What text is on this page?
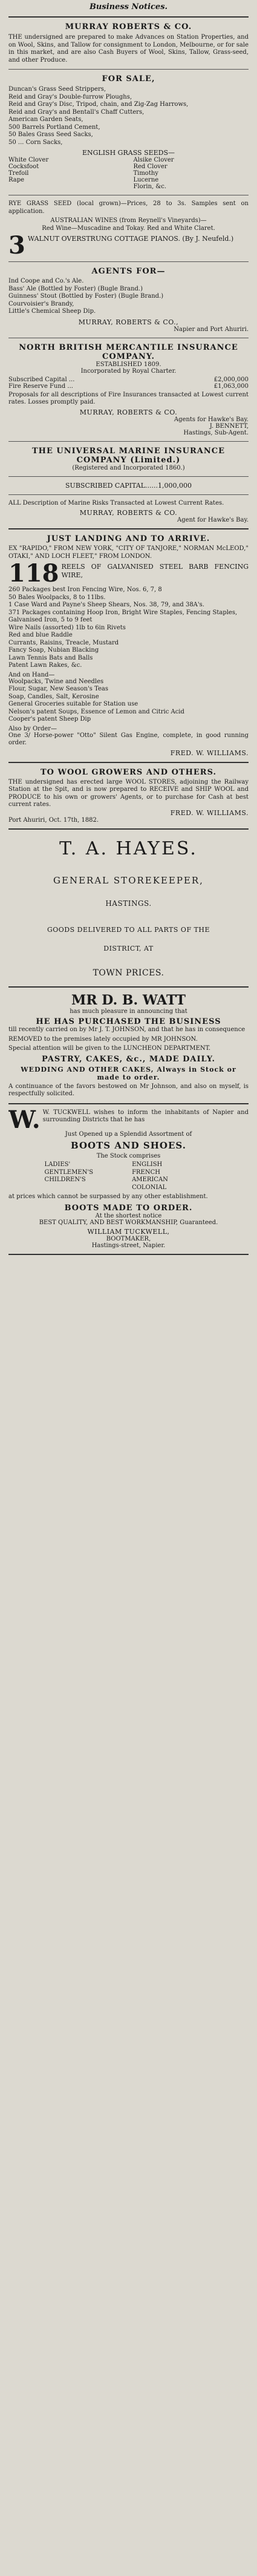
Business Notices.
MURRAY ROBERTS & CO.

THE undersigned are prepared to make Advances on Station Properties, and on Wool, Skins, and Tallow for consignment to London, Melbourne, or for sale in this market, and are also Cash Buyers of Wool, Skins, Tallow, Grass-seed, and other Produce.

FOR SALE,
Duncan's Grass Seed Strippers,
Reid and Gray's Double-furrow Ploughs,
Reid and Gray's Disc, Tripod, chain, and Zig-Zag Harrows,
Reid and Gray's and Bentall's Chaff Cutters,
American Garden Seats,
500 Barrels Portland Cement,
50 Bales Grass Seed Sacks,
50 ... Corn Sacks,
ENGLISH GRASS SEEDS—
White Clover
Cocksfoot
Trefoil
Rape
Alsike Clover
Red Clover
Timothy
Lucerne
Florin, &c.

RYE GRASS SEED (local grown)—Prices, 28 to 3s. Samples sent on application.

AUSTRALIAN WINES (from Reynell's Vineyards)—

Red Wine—Muscadine and Tokay. Red and White Claret.

3 WALNUT OVERSTRUNG COTTAGE PIANOS. (By J. Neufeld.)

AGENTS FOR—
Ind Coope and Co.'s Ale.
Bass' Ale (Bottled by Foster) (Bugle Brand.)
Guinness' Stout (Bottled by Foster) (Bugle Brand.)
Courvoisier's Brandy,
Little's Chemical Sheep Dip.
MURRAY, ROBERTS & CO.,
Napier and Port Ahuriri.
NORTH BRITISH MERCANTILE INSURANCE COMPANY.
ESTABLISHED 1809.
Incorporated by Royal Charter.
Subscribed Capital ...	£2,000,000
Fire Reserve Fund ...	£1,063,000

Proposals for all descriptions of Fire Insurances transacted at Lowest current rates. Losses promptly paid.

MURRAY, ROBERTS & CO.
Agents for Hawke's Bay.
J. BENNETT,
Hastings, Sub-Agent.
THE UNIVERSAL MARINE INSURANCE COMPANY (Limited.)
(Registered and Incorporated 1860.)
SUBSCRIBED CAPITAL......1,000,000

ALL Description of Marine Risks Transacted at Lowest Current Rates.

MURRAY, ROBERTS & CO.
Agent for Hawke's Bay.
JUST LANDING AND TO ARRIVE.

EX "RAPIDO," FROM NEW YORK, "CITY OF TANJORE," NORMAN McLEOD," OTAKI," AND LOCH FLEET," FROM LONDON.

118 REELS OF GALVANISED STEEL BARB FENCING WIRE,

260 Packages best Iron Fencing Wire, Nos. 6, 7, 8
50 Bales Woolpacks, 8 to 11lbs.
1 Case Ward and Payne's Sheep Shears, Nos. 38, 79, and 38A's.
371 Packages containing Hoop Iron, Bright Wire Staples, Fencing Staples, Galvanised Iron, 5 to 9 feet
Wire Nails (assorted) 1lb to 6in Rivets
Red and blue Raddle
Currants, Raisins, Treacle, Mustard
Fancy Soap, Nubian Blacking
Lawn Tennis Bats and Balls
Patent Lawn Rakes, &c.
And on Hand—
Woolpacks, Twine and Needles
Flour, Sugar, New Season's Teas
Soap, Candles, Salt, Kerosine
General Groceries suitable for Station use
Nelson's patent Soups, Essence of Lemon and Citric Acid
Cooper's patent Sheep Dip
Also by Order—

One 3/ Horse-power "Otto" Silent Gas Engine, complete, in good running order.

FRED. W. WILLIAMS.
TO WOOL GROWERS AND OTHERS.

THE undersigned has erected large WOOL STORES, adjoining the Railway Station at the Spit, and is now prepared to RECEIVE and SHIP WOOL and PRODUCE to his own or growers' Agents, or to purchase for Cash at best current rates.

FRED. W. WILLIAMS.
Port Ahuriri, Oct. 17th, 1882.
T. A. HAYES.
GENERAL STOREKEEPER,
HASTINGS.
GOODS DELIVERED TO ALL PARTS OF THE
DISTRICT, AT
TOWN PRICES.
MR D. B. WATT

has much pleasure in announcing that

HE HAS PURCHASED THE BUSINESS

till recently carried on by Mr J. T. JOHNSON, and that he has in consequence

REMOVED to the premises lately occupied by MR JOHNSON.

Special attention will be given to the LUNCHEON DEPARTMENT.

PASTRY, CAKES, &c., MADE DAILY.
WEDDING AND OTHER CAKES, Always in Stock or made to order.

A continuance of the favors bestowed on Mr Johnson, and also on myself, is respectfully solicited.

W. W. TUCKWELL wishes to inform the inhabitants of Napier and surrounding Districts that he has

Just Opened up a Splendid Assortment of

BOOTS AND SHOES.
The Stock comprises
LADIES'
GENTLEMEN'S
CHILDREN'S
ENGLISH
FRENCH
AMERICAN
COLONIAL

at prices which cannot be surpassed by any other establishment.

BOOTS MADE TO ORDER.
At the shortest notice
BEST QUALITY, AND BEST WORKMANSHIP, Guaranteed.
WILLIAM TUCKWELL,
BOOTMAKER,
Hastings-street, Napier.
